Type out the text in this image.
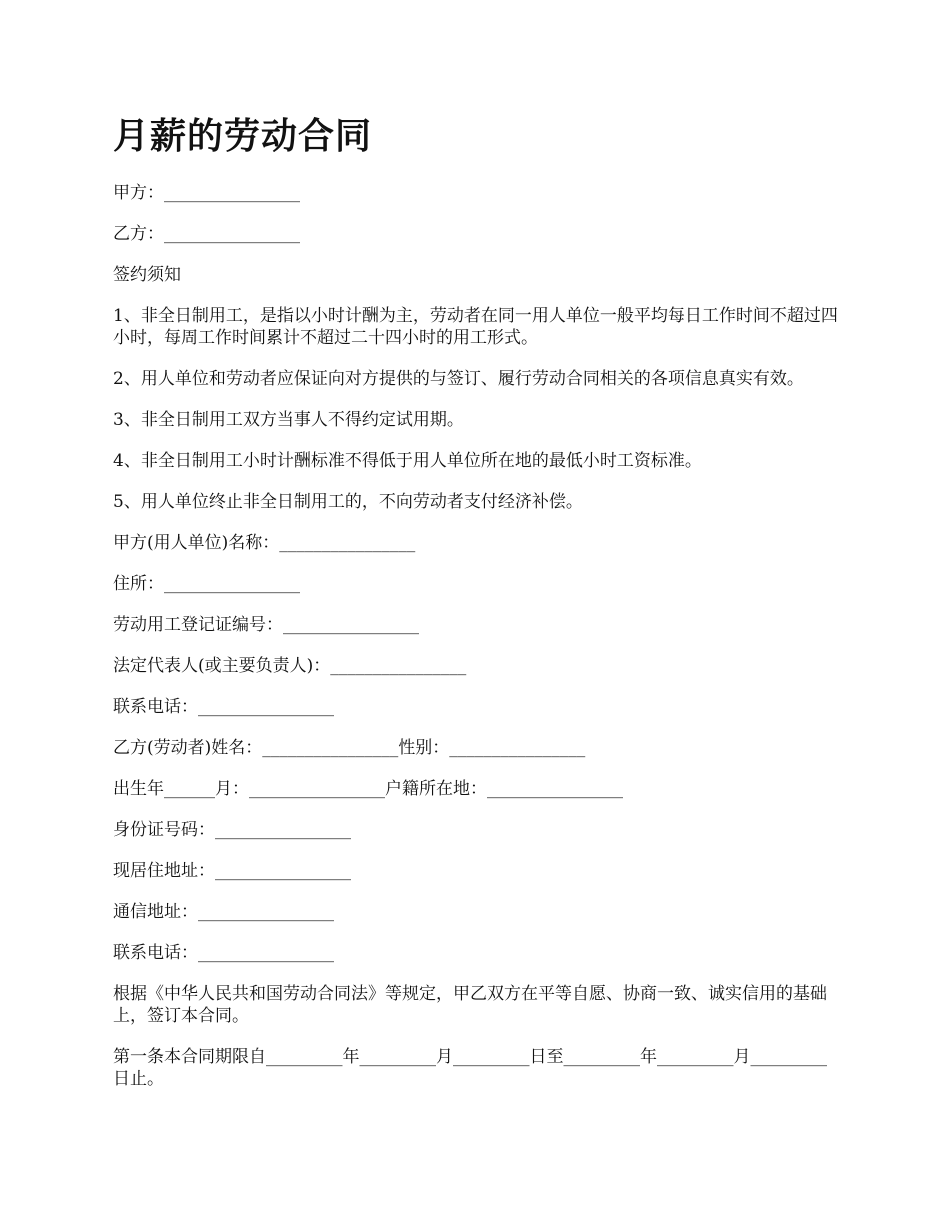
月薪的劳动合同

甲方：________________

乙方：________________

签约须知

1、非全日制用工，是指以小时计酬为主，劳动者在同一用人单位一般平均每日工作时间不超过四小时，每周工作时间累计不超过二十四小时的用工形式。

2、用人单位和劳动者应保证向对方提供的与签订、履行劳动合同相关的各项信息真实有效。

3、非全日制用工双方当事人不得约定试用期。

4、非全日制用工小时计酬标准不得低于用人单位所在地的最低小时工资标准。

5、用人单位终止非全日制用工的，不向劳动者支付经济补偿。

甲方(用人单位)名称：________________

住所：________________

劳动用工登记证编号：________________

法定代表人(或主要负责人)：________________

联系电话：________________

乙方(劳动者)姓名：________________性别：________________

出生年______月：________________户籍所在地：________________

身份证号码：________________

现居住地址：________________

通信地址：________________

联系电话：________________

根据《中华人民共和国劳动合同法》等规定，甲乙双方在平等自愿、协商一致、诚实信用的基础上，签订本合同。

第一条本合同期限自_________年_________月_________日至_________年_________月_________日止。
